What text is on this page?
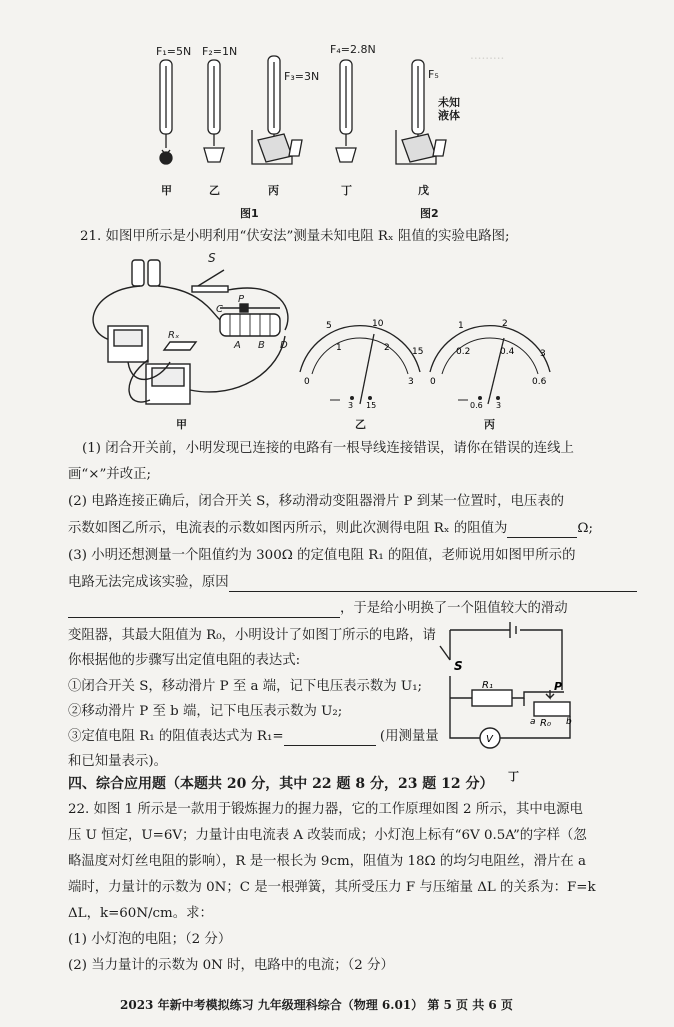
.........
F₁=5N F₂=1N
F₃=3N
F₄=2.8N
F₅
未知
液体
甲	乙	丙	丁	戊
图1	图2
21. 如图甲所示是小明利用“伏安法”测量未知电阻 Rₓ 阻值的实验电路图;
S
Rₓ
C
P
A B D
甲
0
1	2
3
5	10
15
3 15
乙
0
0.2	0.4
0.6
1	2
3
0.6 3
丙
(1) 闭合开关前，小明发现已连接的电路有一根导线连接错误，请你在错误的连线上
画“×”并改正;
(2) 电路连接正确后，闭合开关 S，移动滑动变阻器滑片 P 到某一位置时，电压表的
示数如图乙所示，电流表的示数如图丙所示，则此次测得电阻 Rₓ 的阻值为	Ω;
(3) 小明还想测量一个阻值约为 300Ω 的定值电阻 R₁ 的阻值，老师说用如图甲所示的
电路无法完成该实验，原因
，于是给小明换了一个阻值较大的滑动
变阻器，其最大阻值为 R₀，小明设计了如图丁所示的电路，请
你根据他的步骤写出定值电阻的表达式:
①闭合开关 S，移动滑片 P 至 a 端，记下电压表示数为 U₁;
②移动滑片 P 至 b 端，记下电压表示数为 U₂;
③定值电阻 R₁ 的阻值表达式为 R₁=	(用测量量
和已知量表示)。
S
R₁	P
a R₀ b
V
丁
四、综合应用题（本题共 20 分，其中 22 题 8 分，23 题 12 分）
22. 如图 1 所示是一款用于锻炼握力的握力器，它的工作原理如图 2 所示，其中电源电
压 U 恒定，U=6V；力量计由电流表 A 改装而成；小灯泡上标有“6V 0.5A”的字样（忽
略温度对灯丝电阻的影响），R 是一根长为 9cm，阻值为 18Ω 的均匀电阻丝，滑片在 a
端时，力量计的示数为 0N；C 是一根弹簧，其所受压力 F 与压缩量 ΔL 的关系为：F=k
ΔL，k=60N/cm。求：
(1) 小灯泡的电阻；（2 分）
(2) 当力量计的示数为 0N 时，电路中的电流；（2 分）
2023 年新中考模拟练习 九年级理科综合（物理 6.01） 第 5 页 共 6 页
